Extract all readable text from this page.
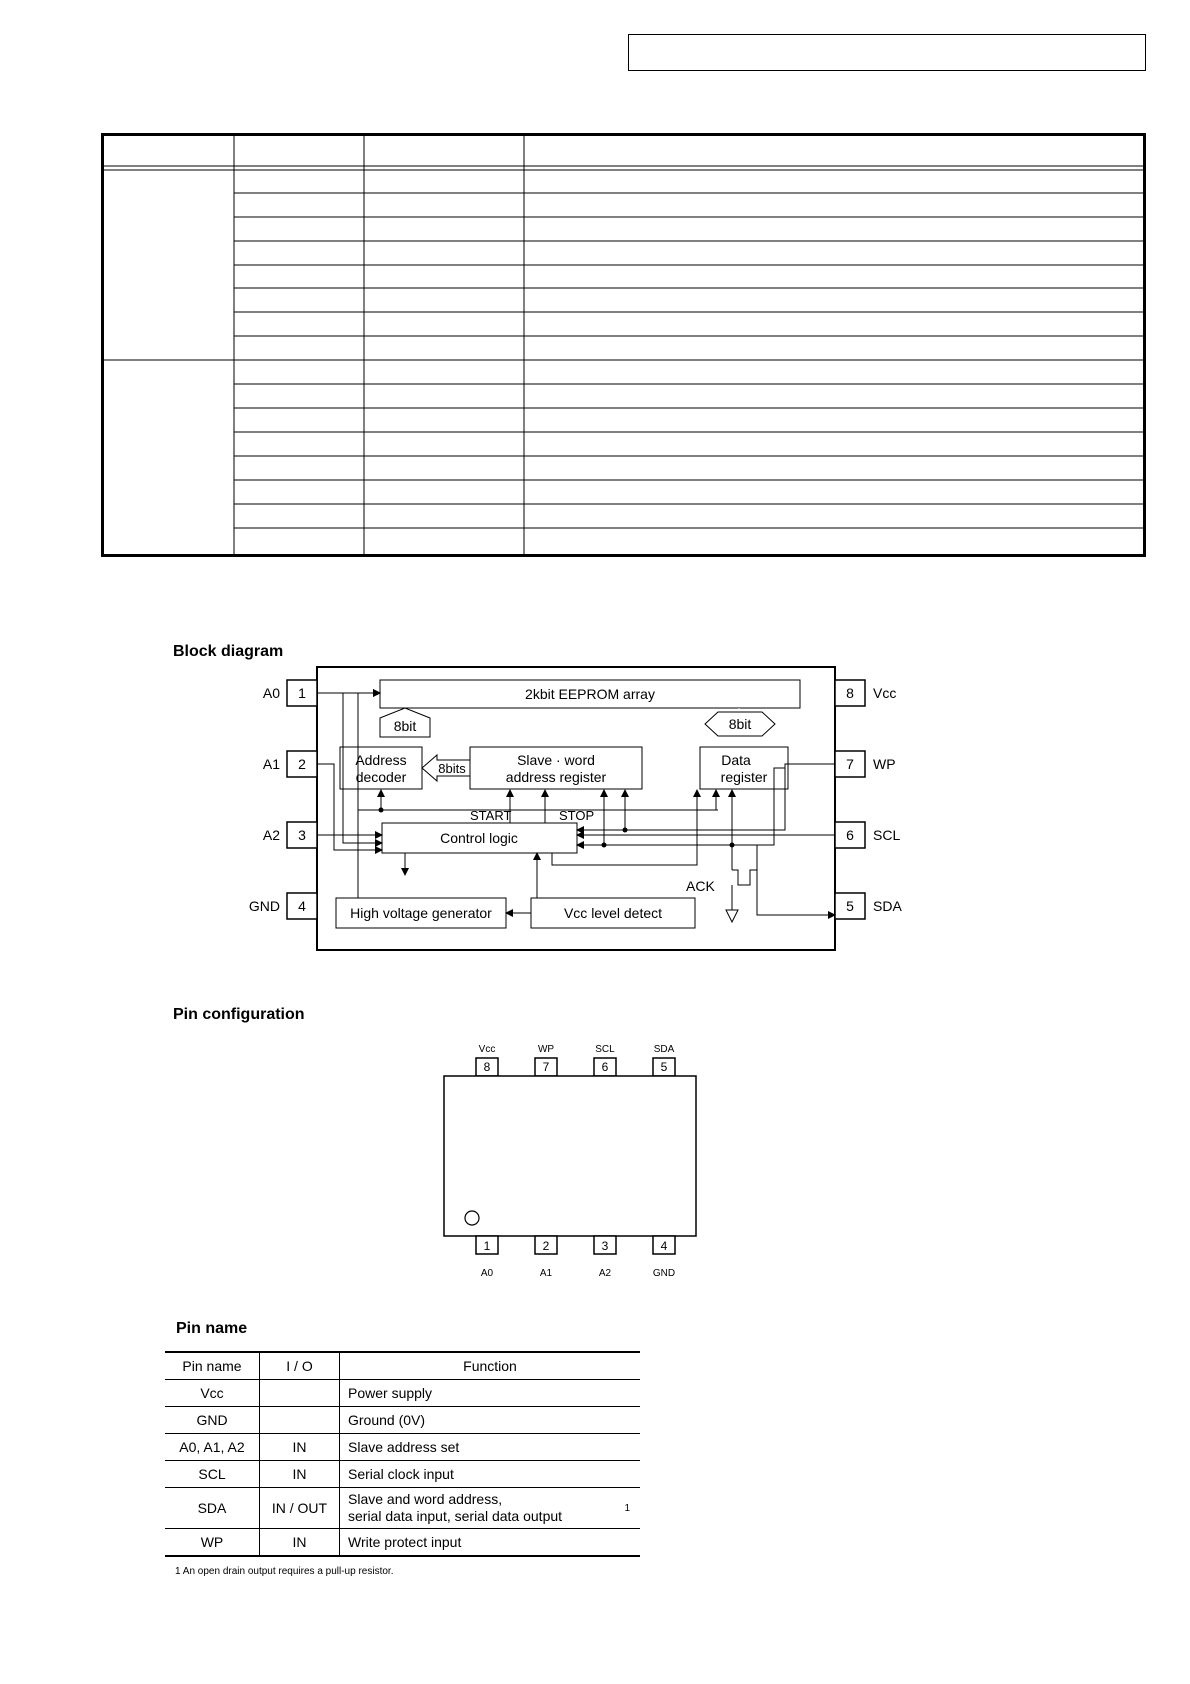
Block diagram
1
A0
2
A1
3
A2
4
GND
8 Vcc
7 WP
6 SCL
5 SDA
2kbit EEPROM array
8bit	8bit
Address
decoder
8bits
Slave · word
address register
Data
register
Control logic
High voltage generator	Vcc level detect
START	STOP
ACK
Pin configuration
Vcc	WP	SCL	SDA
8	7	6	5
1	2	3	4
A0	A1	A2	GND
Pin name
Pin name	I / O	Function
Vcc		Power supply
GND		Ground (0V)
A0, A1, A2	IN	Slave address set
SCL	IN	Serial clock input
SDA	IN / OUT	Slave and word address,
serial data input, serial data output 1

WP	IN	Write protect input
1 An open drain output requires a pull-up resistor.
